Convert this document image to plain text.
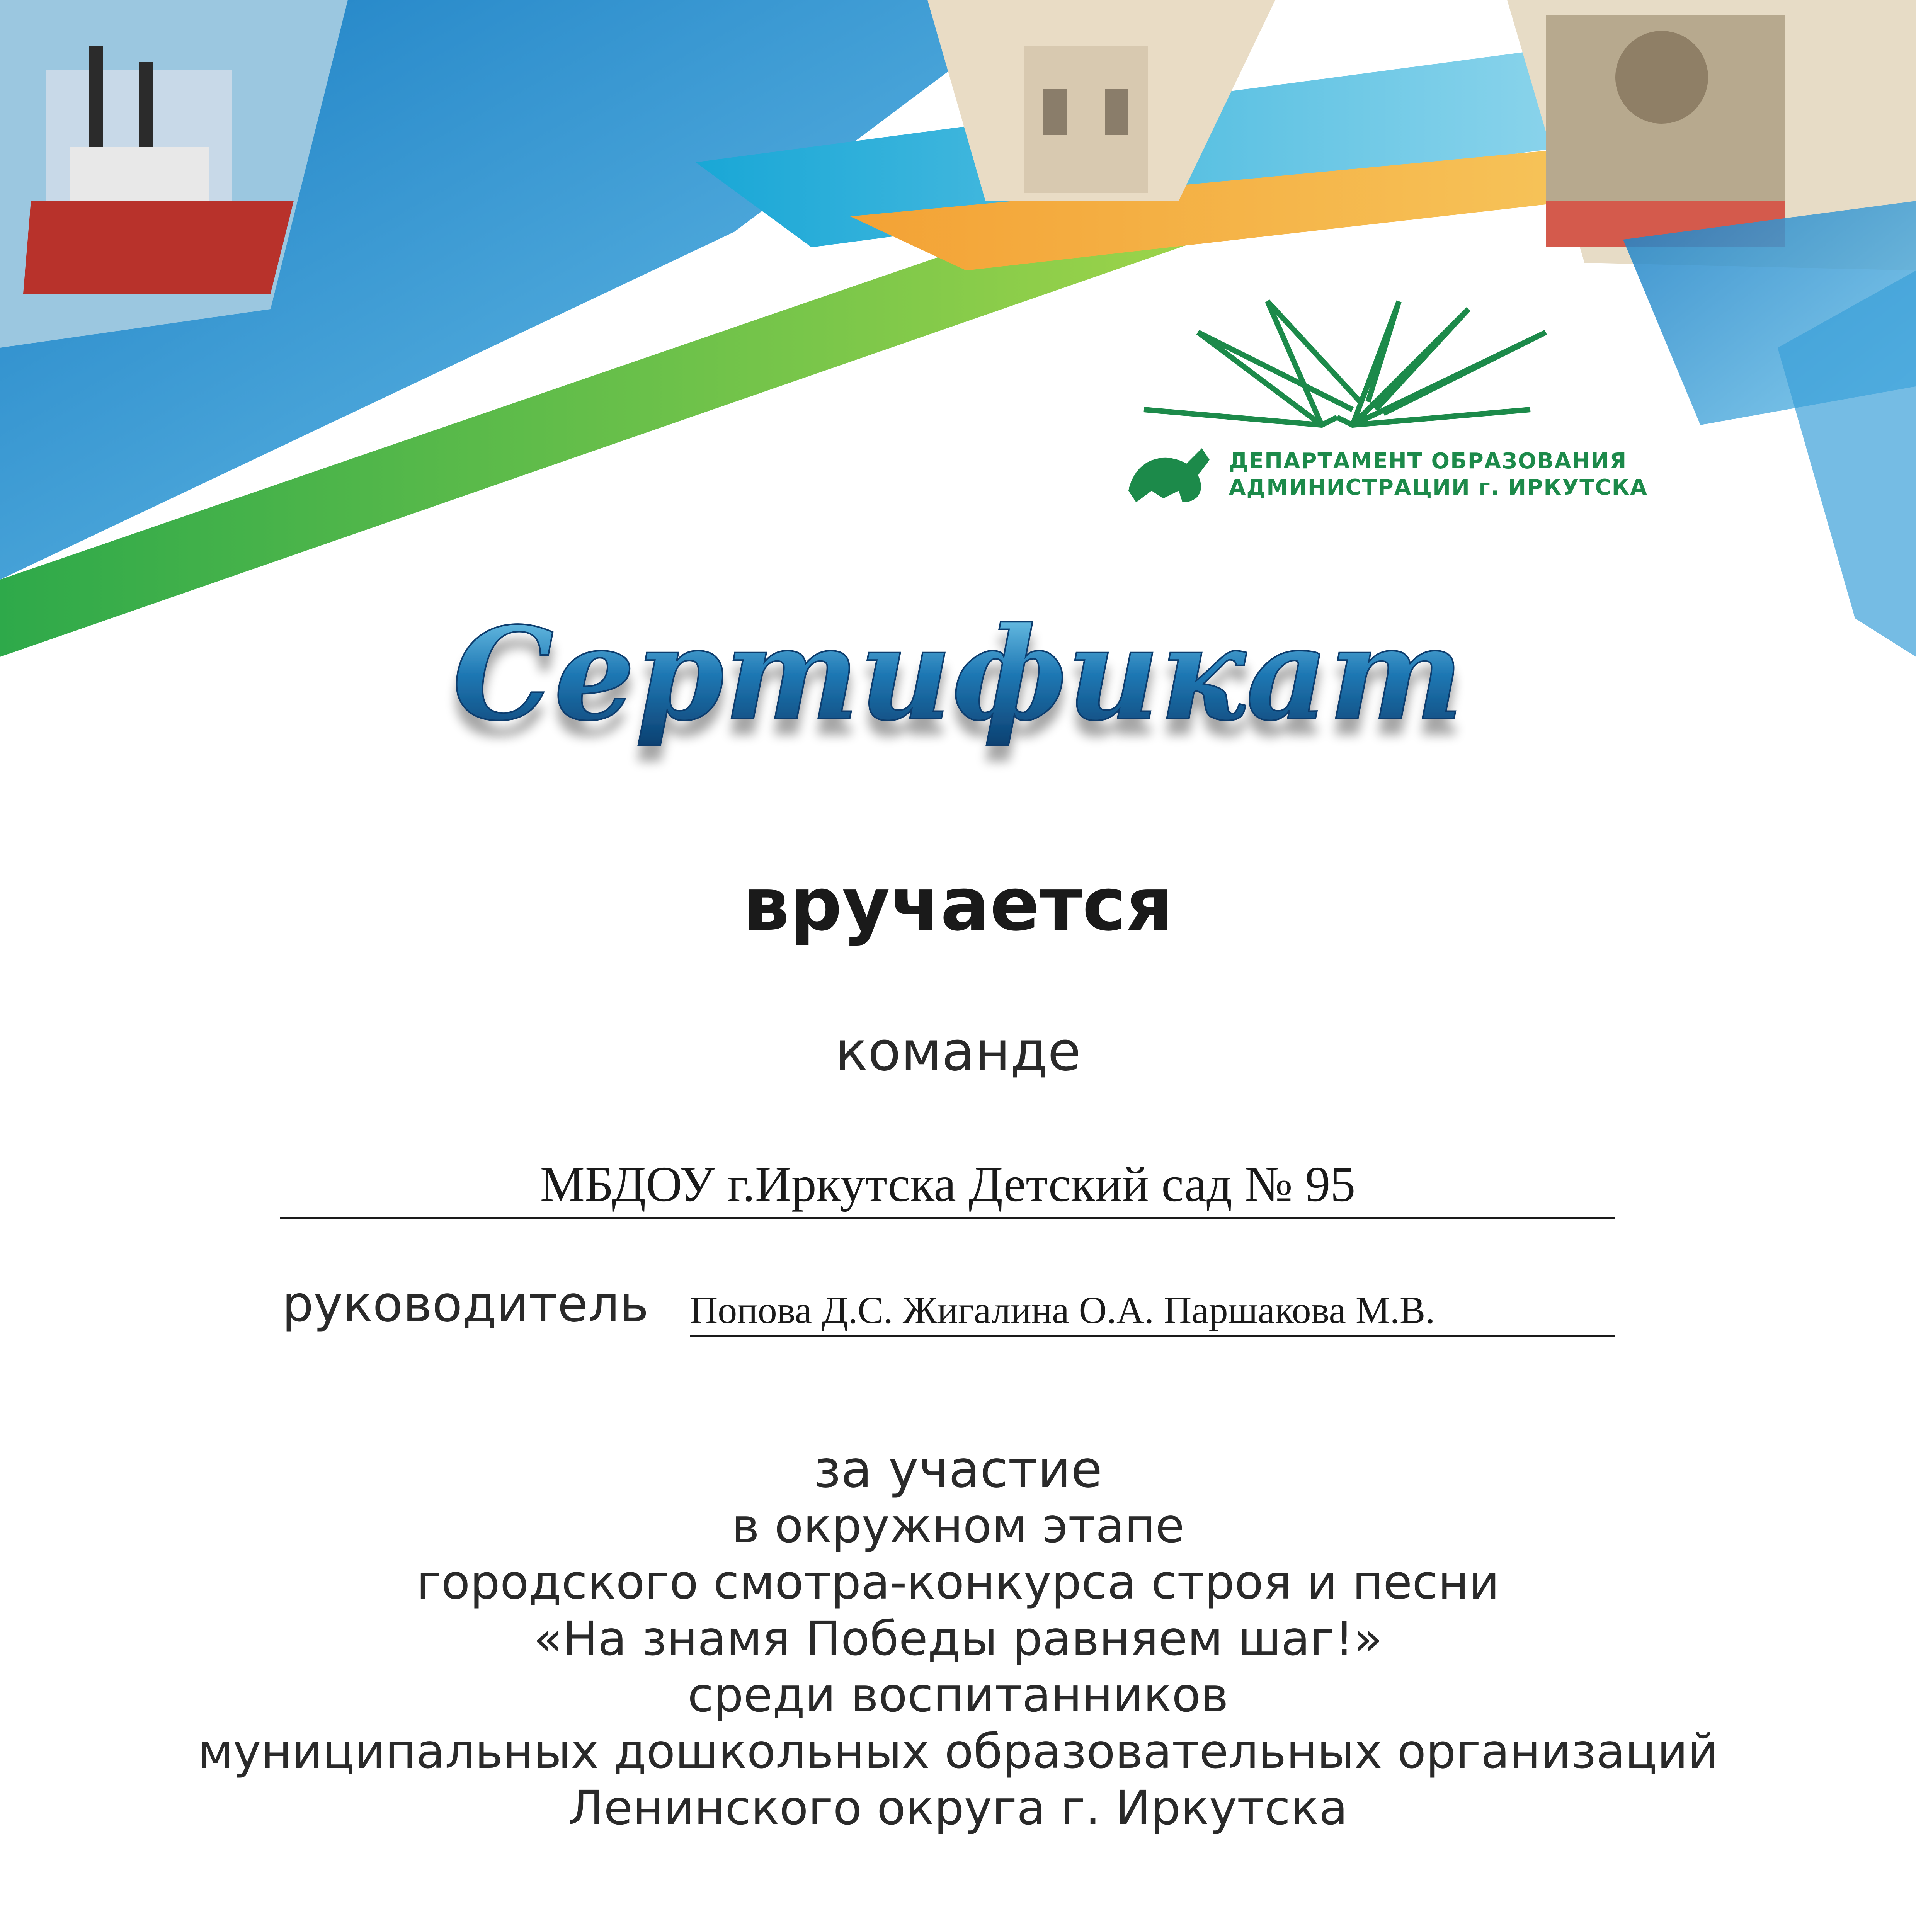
ДЕПАРТАМЕНТ ОБРАЗОВАНИЯ
АДМИНИСТРАЦИИ г. ИРКУТСКА
Сертификат
вручается
команде
МБДОУ г.Иркутска Детский сад № 95
руководитель Попова Д.С. Жигалина О.А. Паршакова М.В.
за участие
в окружном этапе
городского смотра-конкурса строя и песни
«На знамя Победы равняем шаг!»
среди воспитанников
муниципальных дошкольных образовательных организаций
Ленинского округа г. Иркутска
